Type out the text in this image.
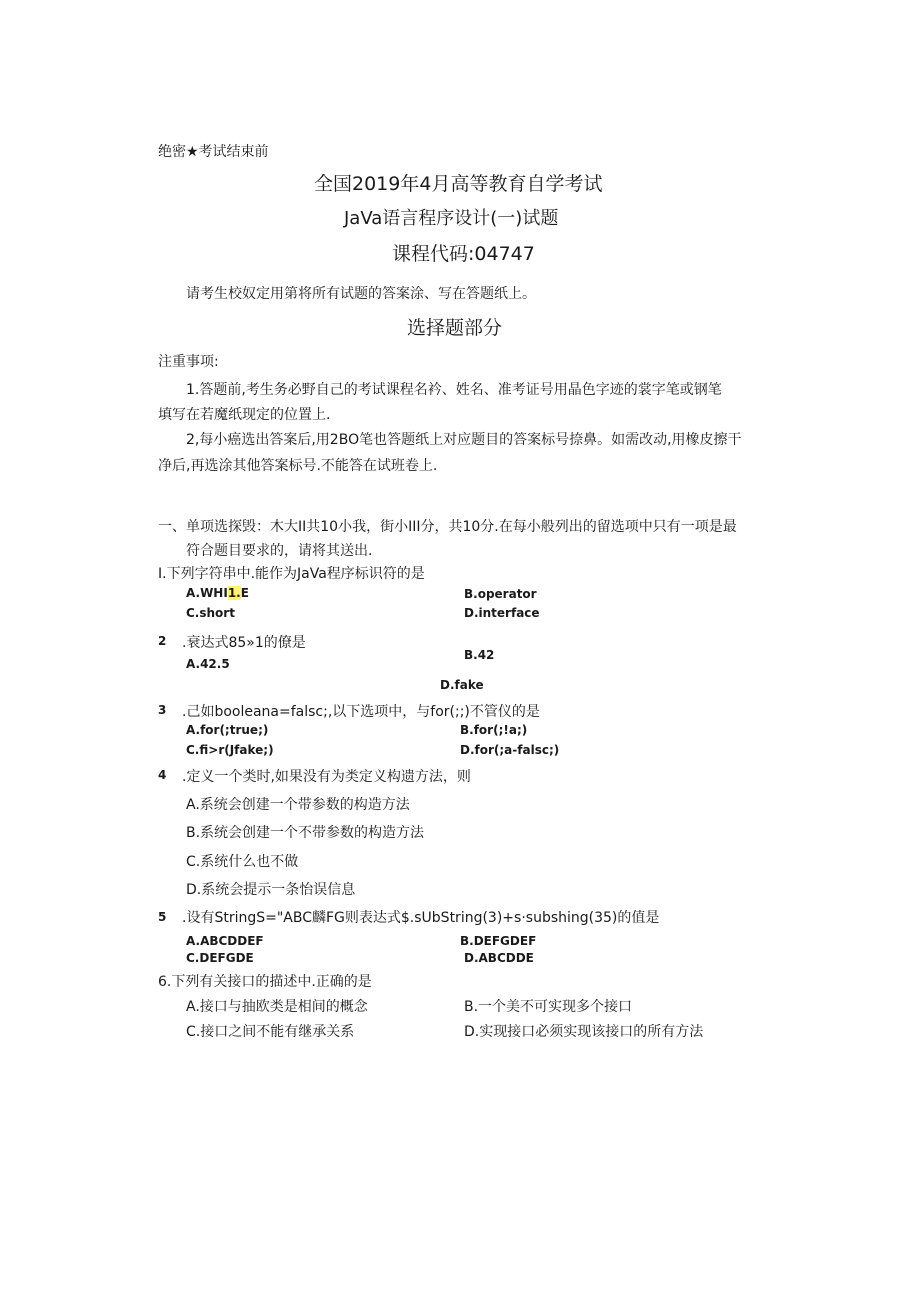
绝密★考试结束前
全国2019年4月高等教育自学考试
JaVa语言程序设计(一)试题
课程代码:04747
请考生校奴定用第将所有试题的答案涂、写在答题纸上。
选择题部分
注重事项:
1.答题前,考生务必野自己的考试课程名衿、姓名、准考证号用晶色字迹的裳字笔或钢笔
填写在若魔纸现定的位置上.
2,每小癌选出答案后,用2BO笔也答题纸上对应题目的答案标号捺鼻。如需改动,用橡皮擦干
净后,再选涂其他答案标号.不能答在试班卷上.
一、单项选探毁：木大II共10小我，街小III分，共10分.在每小般列出的留选项中只有一项是最
符合题目要求的，请将其送出.
I.下列字符串中.能作为JaVa程序标识符的是
A.WHI1.E	B.operator
C.short	D.interface
2 .衰达式85»1的僚是
B.42
A.42.5
D.fake
3 .己如booleana=falsc;,以下选项中，与for(;;)不管仪的是
A.for(;true;)	B.for(;!a;)
C.fi>r(Jfake;)	D.for(;a-falsc;)
4 .定义一个类时,如果没有为类定义构遗方法，则
A.系统会创建一个带参数的构造方法
B.系统会创建一个不带参数的构造方法
C.系统什么也不做
D.系统会提示一条怡误信息
5 .设有StringS="ABC麟FG则表达式$.sUbString(3)+s·subshing(35)的值是
A.ABCDDEF	B.DEFGDEF
C.DEFGDE	D.ABCDDE
6.下列有关接口的描述中.正确的是
A.接口与抽欧类是相间的概念	B.一个美不可实现多个接口
C.接口之间不能有继承关系	D.实现接口必须实现该接口的所有方法
